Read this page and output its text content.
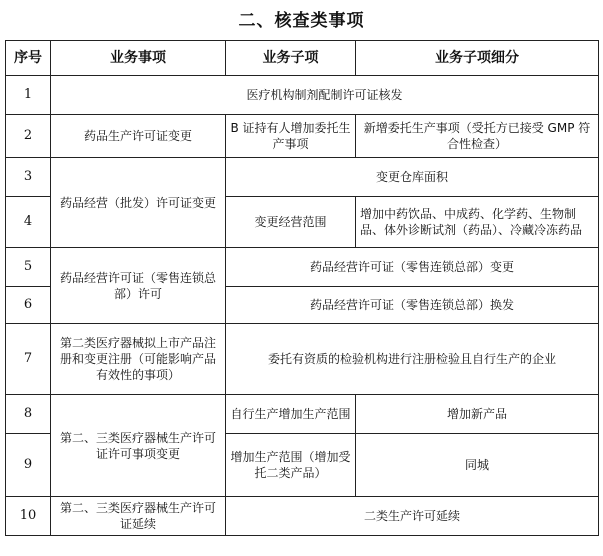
二、核查类事项
序号	业务事项	业务子项	业务子项细分
1	医疗机构制剂配制许可证核发		
2	药品生产许可证变更	B 证持有人增加委托生产事项	新增委托生产事项（受托方已接受 GMP 符合性检查）
3	药品经营（批发）许可证变更	变更仓库面积	
4		变更经营范围	增加中药饮品、中成药、化学药、生物制品、体外诊断试剂（药品）、冷藏冷冻药品
5	药品经营许可证（零售连锁总部）许可	药品经营许可证（零售连锁总部）变更	
6		药品经营许可证（零售连锁总部）换发	
7	第二类医疗器械拟上市产品注册和变更注册（可能影响产品有效性的事项）	委托有资质的检验机构进行注册检验且自行生产的企业	
8	第二、三类医疗器械生产许可证许可事项变更	自行生产增加生产范围	增加新产品
9		增加生产范围（增加受托二类产品）	同城
10	第二、三类医疗器械生产许可证延续	二类生产许可延续	
